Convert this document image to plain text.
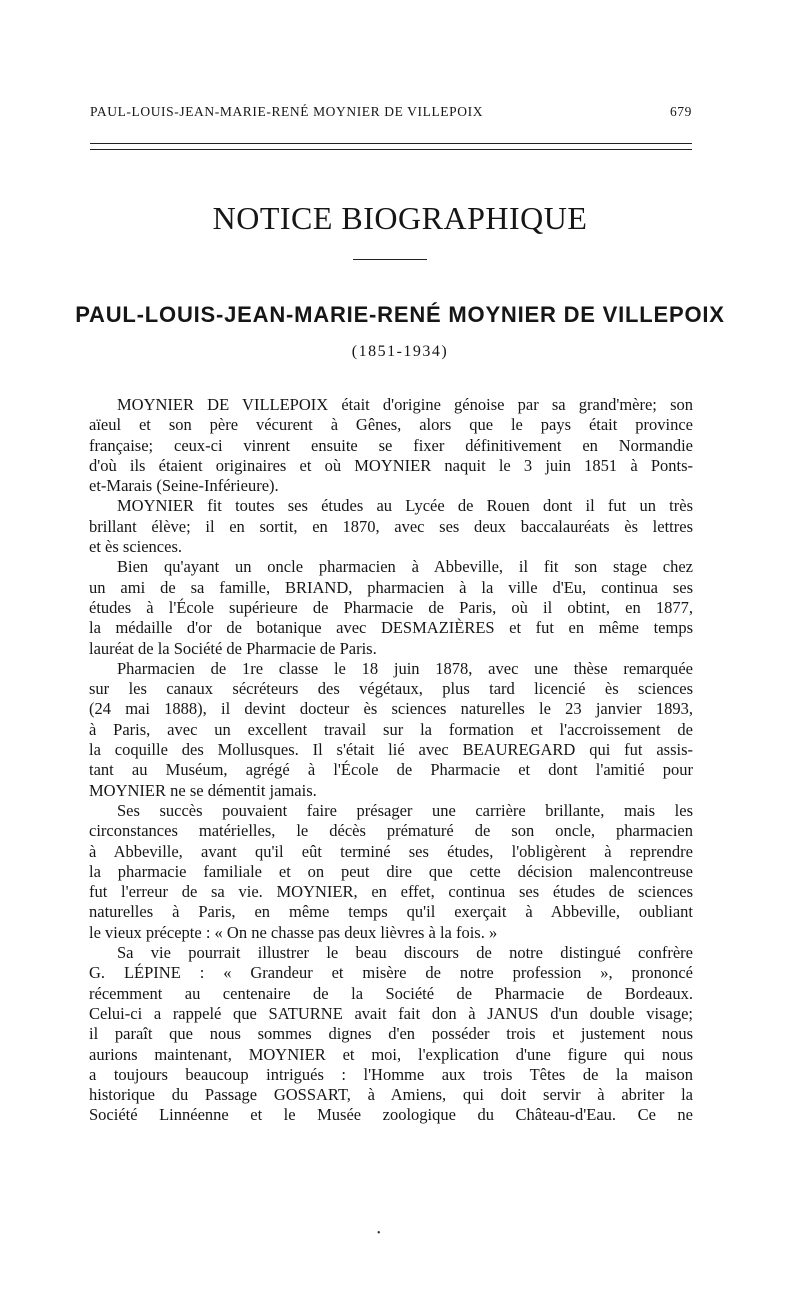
PAUL-LOUIS-JEAN-MARIE-RENÉ MOYNIER DE VILLEPOIX	679
NOTICE BIOGRAPHIQUE
PAUL-LOUIS-JEAN-MARIE-RENÉ MOYNIER DE VILLEPOIX
(1851-1934)
MOYNIER DE VILLEPOIX était d'origine génoise par sa grand'mère; son
aïeul et son père vécurent à Gênes, alors que le pays était province
française; ceux-ci vinrent ensuite se fixer définitivement en Normandie
d'où ils étaient originaires et où MOYNIER naquit le 3 juin 1851 à Ponts-
et-Marais (Seine-Inférieure).
MOYNIER fit toutes ses études au Lycée de Rouen dont il fut un très
brillant élève; il en sortit, en 1870, avec ses deux baccalauréats ès lettres
et ès sciences.
Bien qu'ayant un oncle pharmacien à Abbeville, il fit son stage chez
un ami de sa famille, BRIAND, pharmacien à la ville d'Eu, continua ses
études à l'École supérieure de Pharmacie de Paris, où il obtint, en 1877,
la médaille d'or de botanique avec DESMAZIÈRES et fut en même temps
lauréat de la Société de Pharmacie de Paris.
Pharmacien de 1re classe le 18 juin 1878, avec une thèse remarquée
sur les canaux sécréteurs des végétaux, plus tard licencié ès sciences
(24 mai 1888), il devint docteur ès sciences naturelles le 23 janvier 1893,
à Paris, avec un excellent travail sur la formation et l'accroissement de
la coquille des Mollusques. Il s'était lié avec BEAUREGARD qui fut assis-
tant au Muséum, agrégé à l'École de Pharmacie et dont l'amitié pour
MOYNIER ne se démentit jamais.
Ses succès pouvaient faire présager une carrière brillante, mais les
circonstances matérielles, le décès prématuré de son oncle, pharmacien
à Abbeville, avant qu'il eût terminé ses études, l'obligèrent à reprendre
la pharmacie familiale et on peut dire que cette décision malencontreuse
fut l'erreur de sa vie. MOYNIER, en effet, continua ses études de sciences
naturelles à Paris, en même temps qu'il exerçait à Abbeville, oubliant
le vieux précepte : « On ne chasse pas deux lièvres à la fois. »
Sa vie pourrait illustrer le beau discours de notre distingué confrère
G. LÉPINE : « Grandeur et misère de notre profession », prononcé
récemment au centenaire de la Société de Pharmacie de Bordeaux.
Celui-ci a rappelé que SATURNE avait fait don à JANUS d'un double visage;
il paraît que nous sommes dignes d'en posséder trois et justement nous
aurions maintenant, MOYNIER et moi, l'explication d'une figure qui nous
a toujours beaucoup intrigués : l'Homme aux trois Têtes de la maison
historique du Passage GOSSART, à Amiens, qui doit servir à abriter la
Société Linnéenne et le Musée zoologique du Château-d'Eau. Ce ne
•
